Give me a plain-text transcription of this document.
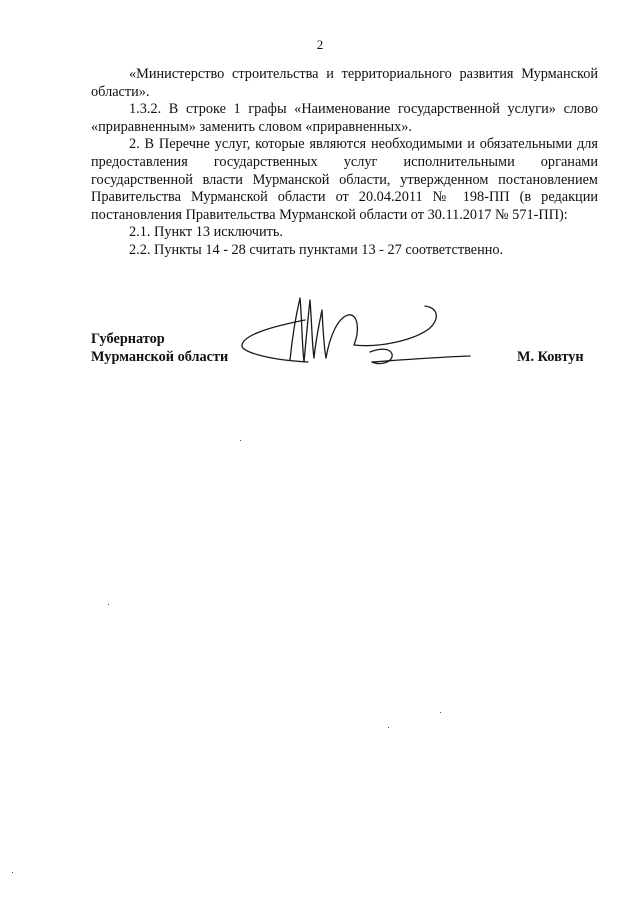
2

«Министерство строительства и территориального развития Мурманской области».

1.3.2. В строке 1 графы «Наименование государственной услуги» слово «приравненным» заменить словом «приравненных».

2. В Перечне услуг, которые являются необходимыми и обязательными для предоставления государственных услуг исполнительными органами государственной власти Мурманской области, утвержденном постановлением Правительства Мурманской области от 20.04.2011 № 198-ПП (в редакции постановления Правительства Мурманской области от 30.11.2017 № 571-ПП):

2.1. Пункт 13 исключить.

2.2. Пункты 14 - 28 считать пунктами 13 - 27 соответственно.

Губернатор
Мурманской области	М. Ковтун
